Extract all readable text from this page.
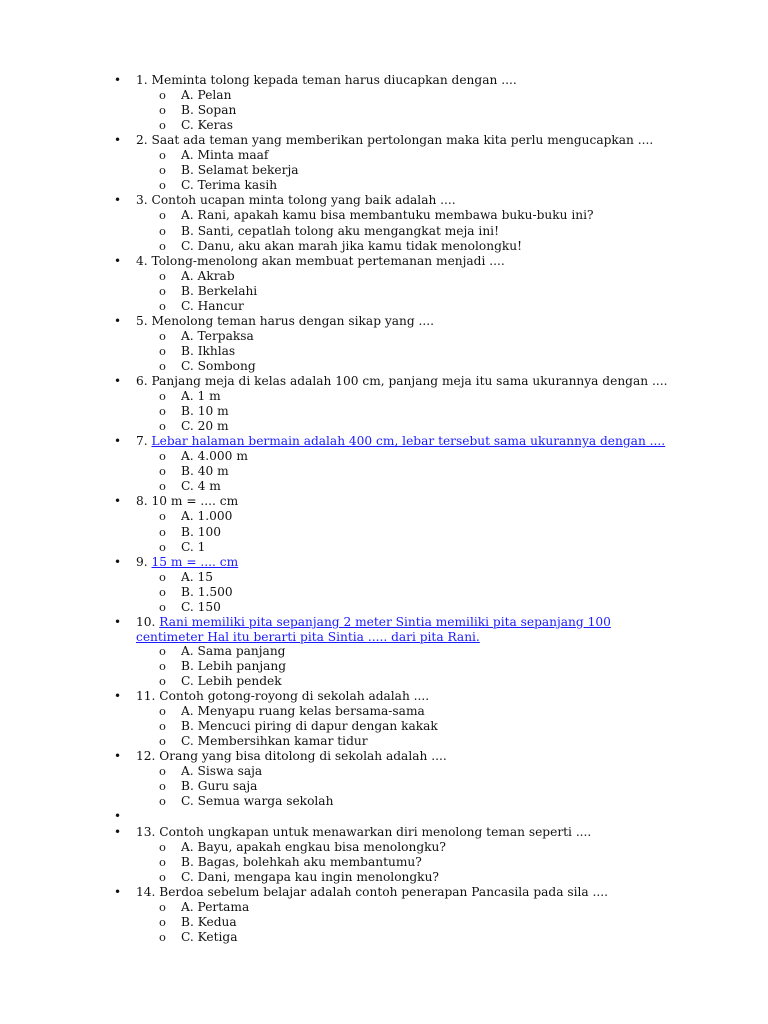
• 1. Meminta tolong kepada teman harus diucapkan dengan ....
o A. Pelan
o B. Sopan
o C. Keras
• 2. Saat ada teman yang memberikan pertolongan maka kita perlu mengucapkan ....
o A. Minta maaf
o B. Selamat bekerja
o C. Terima kasih
• 3. Contoh ucapan minta tolong yang baik adalah ....
o A. Rani, apakah kamu bisa membantuku membawa buku-buku ini?
o B. Santi, cepatlah tolong aku mengangkat meja ini!
o C. Danu, aku akan marah jika kamu tidak menolongku!
• 4. Tolong-menolong akan membuat pertemanan menjadi ....
o A. Akrab
o B. Berkelahi
o C. Hancur
• 5. Menolong teman harus dengan sikap yang ....
o A. Terpaksa
o B. Ikhlas
o C. Sombong
• 6. Panjang meja di kelas adalah 100 cm, panjang meja itu sama ukurannya dengan ....
o A. 1 m
o B. 10 m
o C. 20 m
• 7. Lebar halaman bermain adalah 400 cm, lebar tersebut sama ukurannya dengan ....
o A. 4.000 m
o B. 40 m
o C. 4 m
• 8. 10 m = .... cm
o A. 1.000
o B. 100
o C. 1
• 9. 15 m = .... cm
o A. 15
o B. 1.500
o C. 150
• 10. Rani memiliki pita sepanjang 2 meter Sintia memiliki pita sepanjang 100 centimeter Hal itu berarti pita Sintia ..... dari pita Rani.
o A. Sama panjang
o B. Lebih panjang
o C. Lebih pendek
• 11. Contoh gotong-royong di sekolah adalah ....
o A. Menyapu ruang kelas bersama-sama
o B. Mencuci piring di dapur dengan kakak
o C. Membersihkan kamar tidur
• 12. Orang yang bisa ditolong di sekolah adalah ....
o A. Siswa saja
o B. Guru saja
o C. Semua warga sekolah
•
• 13. Contoh ungkapan untuk menawarkan diri menolong teman seperti ....
o A. Bayu, apakah engkau bisa menolongku?
o B. Bagas, bolehkah aku membantumu?
o C. Dani, mengapa kau ingin menolongku?
• 14. Berdoa sebelum belajar adalah contoh penerapan Pancasila pada sila ....
o A. Pertama
o B. Kedua
o C. Ketiga
